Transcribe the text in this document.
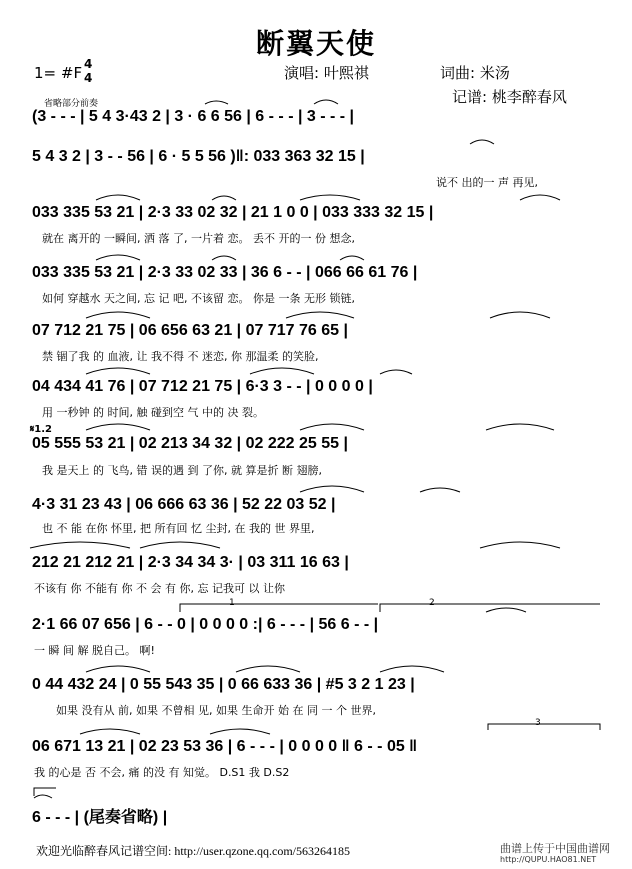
断翼天使
1= #F 4
4	演唱: 叶熙祺	词曲: 米汤
记谱: 桃李醉春风
省略部分前奏
(3 - - - | 5 4 3·43 2 | 3 · 6 6 56 | 6 - - - | 3 - - - |
5 4 3 2 | 3 - - 56 | 6 · 5 5 56 )‖: 033 363 32 15 |
说不 出的一 声 再见,
033 335 53 21 | 2·3 33 02 32 | 21 1 0 0 | 033 333 32 15 |
就在 离开的 一瞬间, 洒 落 了, 一片着 恋。 丢不 开的一 份 想念,
033 335 53 21 | 2·3 33 02 33 | 36 6 - - | 066 66 61 76 |
如何 穿越水 天之间, 忘 记 吧, 不该留 恋。 你是 一条 无形 锁链,
07 712 21 75 | 06 656 63 21 | 07 717 76 65 |
禁 锢了我 的 血液, 让 我不得 不 迷恋, 你 那温柔 的笑脸,
04 434 41 76 | 07 712 21 75 | 6·3 3 - - | 0 0 0 0 |
用 一秒钟 的 时间, 触 碰到空 气 中的 决 裂。
𝄋1.2
05 555 53 21 | 02 213 34 32 | 02 222 25 55 |
我 是天上 的 飞鸟, 错 误的遇 到 了你, 就 算是折 断 翅膀,
4·3 31 23 43 | 06 666 63 36 | 52 22 03 52 |
也 不 能 在你 怀里, 把 所有回 忆 尘封, 在 我的 世 界里,
212 21 212 21 | 2·3 34 34 3· | 03 311 16 63 |
不该有 你 不能有 你 不 会 有 你, 忘 记我可 以 让你
1	2
2·1 66 07 656 | 6 - - 0 | 0 0 0 0 :| 6 - - - | 56 6 - - |
一 瞬 间 解 脱自己。 啊!
0 44 432 24 | 0 55 543 35 | 0 66 633 36 | #5 3 2 1 23 |
如果 没有从 前, 如果 不曾相 见, 如果 生命开 始 在 同 一 个 世界,
3
06 671 13 21 | 02 23 53 36 | 6 - - - | 0 0 0 0 ‖ 6 - - 05 ‖
我 的心是 否 不会, 痛 的没 有 知觉。 D.S1 我 D.S2
6 - - - | (尾奏省略) |
欢迎光临醉春风记谱空间: http://user.qzone.qq.com/563264185	曲谱上传于中国曲谱网
http://QUPU.HAO81.NET
